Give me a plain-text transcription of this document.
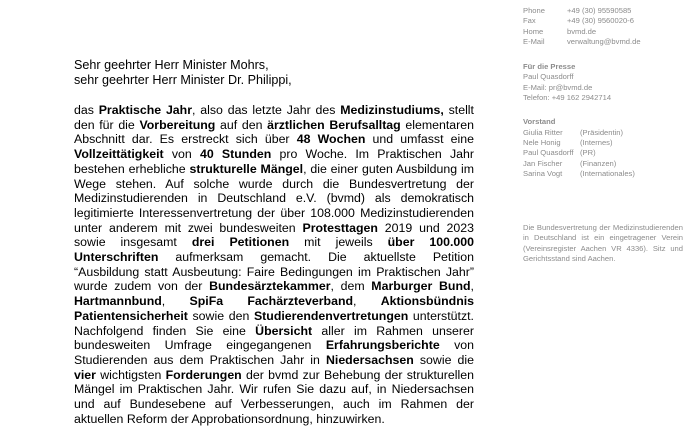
Phone	+49 (30) 95590585
Fax	+49 (30) 9560020-6
Home	bvmd.de
E-Mail	verwaltung@bvmd.de
Für die Presse
Paul Quasdorff
E-Mail: pr@bvmd.de
Telefon: +49 162 2942714
Vorstand
Giulia Ritter	(Präsidentin)
Nele Honig	(Internes)
Paul Quasdorff (PR)
Jan Fischer	(Finanzen)
Sarina Vogt	(Internationales)
Die Bundesvertretung der Medizinstudierenden in Deutschland ist ein eingetragener Verein (Vereinsregister Aachen VR 4336). Sitz und Gerichtsstand sind Aachen.
Sehr geehrter Herr Minister Mohrs,
sehr geehrter Herr Minister Dr. Philippi,
das Praktische Jahr, also das letzte Jahr des Medizinstudiums, stellt den für die Vorbereitung auf den ärztlichen Berufsalltag elementaren Abschnitt dar. Es erstreckt sich über 48 Wochen und umfasst eine Vollzeittätigkeit von 40 Stunden pro Woche. Im Praktischen Jahr bestehen erhebliche strukturelle Mängel, die einer guten Ausbildung im Wege stehen. Auf solche wurde durch die Bundesvertretung der Medizinstudierenden in Deutschland e.V. (bvmd) als demokratisch legitimierte Interessenvertretung der über 108.000 Medizinstudierenden unter anderem mit zwei bundesweiten Protesttagen 2019 und 2023 sowie insgesamt drei Petitionen mit jeweils über 100.000 Unterschriften aufmerksam gemacht. Die aktuellste Petition “Ausbildung statt Ausbeutung: Faire Bedingungen im Praktischen Jahr” wurde zudem von der Bundesärztekammer, dem Marburger Bund, Hartmannbund, SpiFa Fachärzteverband, Aktionsbündnis Patientensicherheit sowie den Studierendenvertretungen unterstützt. Nachfolgend finden Sie eine Übersicht aller im Rahmen unserer bundesweiten Umfrage eingegangenen Erfahrungsberichte von Studierenden aus dem Praktischen Jahr in Niedersachsen sowie die vier wichtigsten Forderungen der bvmd zur Behebung der strukturellen Mängel im Praktischen Jahr. Wir rufen Sie dazu auf, in Niedersachsen und auf Bundesebene auf Verbesserungen, auch im Rahmen der aktuellen Reform der Approbationsordnung, hinzuwirken.
